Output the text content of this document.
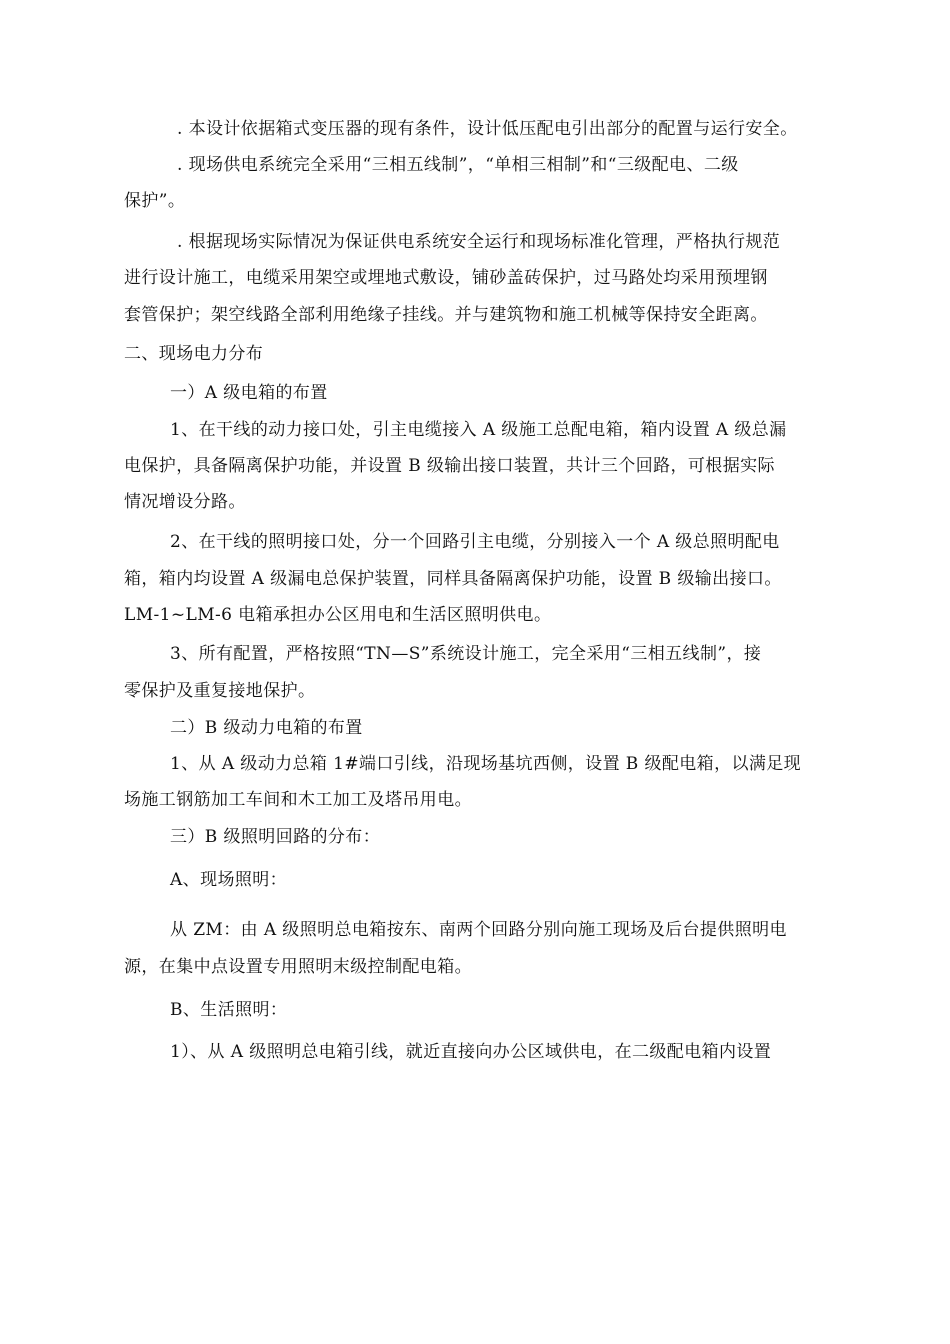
. 本设计依据箱式变压器的现有条件，设计低压配电引出部分的配置与运行安全。
. 现场供电系统完全采用“三相五线制”，“单相三相制”和“三级配电、二级
保护”。
. 根据现场实际情况为保证供电系统安全运行和现场标准化管理，严格执行规范
进行设计施工，电缆采用架空或埋地式敷设，铺砂盖砖保护，过马路处均采用预埋钢
套管保护；架空线路全部利用绝缘子挂线。并与建筑物和施工机械等保持安全距离。
二、现场电力分布
一）A 级电箱的布置
1、在干线的动力接口处，引主电缆接入 A 级施工总配电箱，箱内设置 A 级总漏
电保护，具备隔离保护功能，并设置 B 级输出接口装置，共计三个回路，可根据实际
情况增设分路。
2、在干线的照明接口处，分一个回路引主电缆，分别接入一个 A 级总照明配电
箱，箱内均设置 A 级漏电总保护装置，同样具备隔离保护功能，设置 B 级输出接口。
LM-1~LM-6 电箱承担办公区用电和生活区照明供电。
3、所有配置，严格按照“TN—S”系统设计施工，完全采用“三相五线制”，接
零保护及重复接地保护。
二）B 级动力电箱的布置
1、从 A 级动力总箱 1#端口引线，沿现场基坑西侧，设置 B 级配电箱，以满足现
场施工钢筋加工车间和木工加工及塔吊用电。
三）B 级照明回路的分布：
A、现场照明：
从 ZM：由 A 级照明总电箱按东、南两个回路分别向施工现场及后台提供照明电
源，在集中点设置专用照明末级控制配电箱。
B、生活照明：
1）、从 A 级照明总电箱引线，就近直接向办公区域供电，在二级配电箱内设置
